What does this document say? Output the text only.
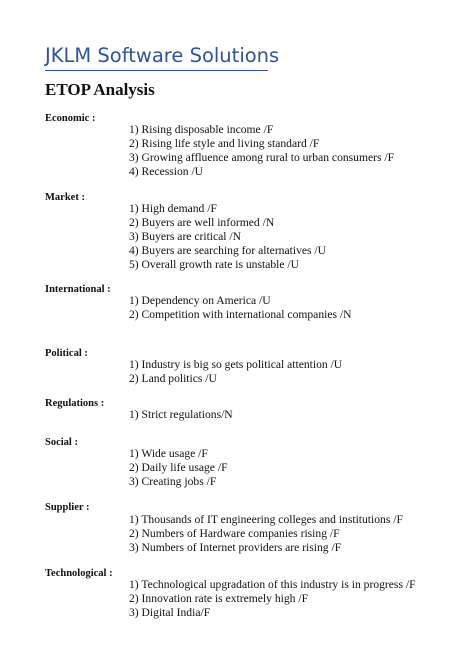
JKLM Software Solutions
ETOP Analysis
Economic :
1) Rising disposable income /F
2) Rising life style and living standard /F
3) Growing affluence among rural to urban consumers /F
4) Recession /U
Market :
1) High demand /F
2) Buyers are well informed /N
3) Buyers are critical /N
4) Buyers are searching for alternatives /U
5) Overall growth rate is unstable /U
International :
1) Dependency on America /U
2) Competition with international companies /N
Political :
1) Industry is big so gets political attention /U
2) Land politics /U
Regulations :
1) Strict regulations/N
Social :
1) Wide usage /F
2) Daily life usage /F
3) Creating jobs /F
Supplier :
1) Thousands of IT engineering colleges and institutions /F
2) Numbers of Hardware companies rising /F
3) Numbers of Internet providers are rising /F
Technological :
1) Technological upgradation of this industry is in progress /F
2) Innovation rate is extremely high /F
3) Digital India/F
